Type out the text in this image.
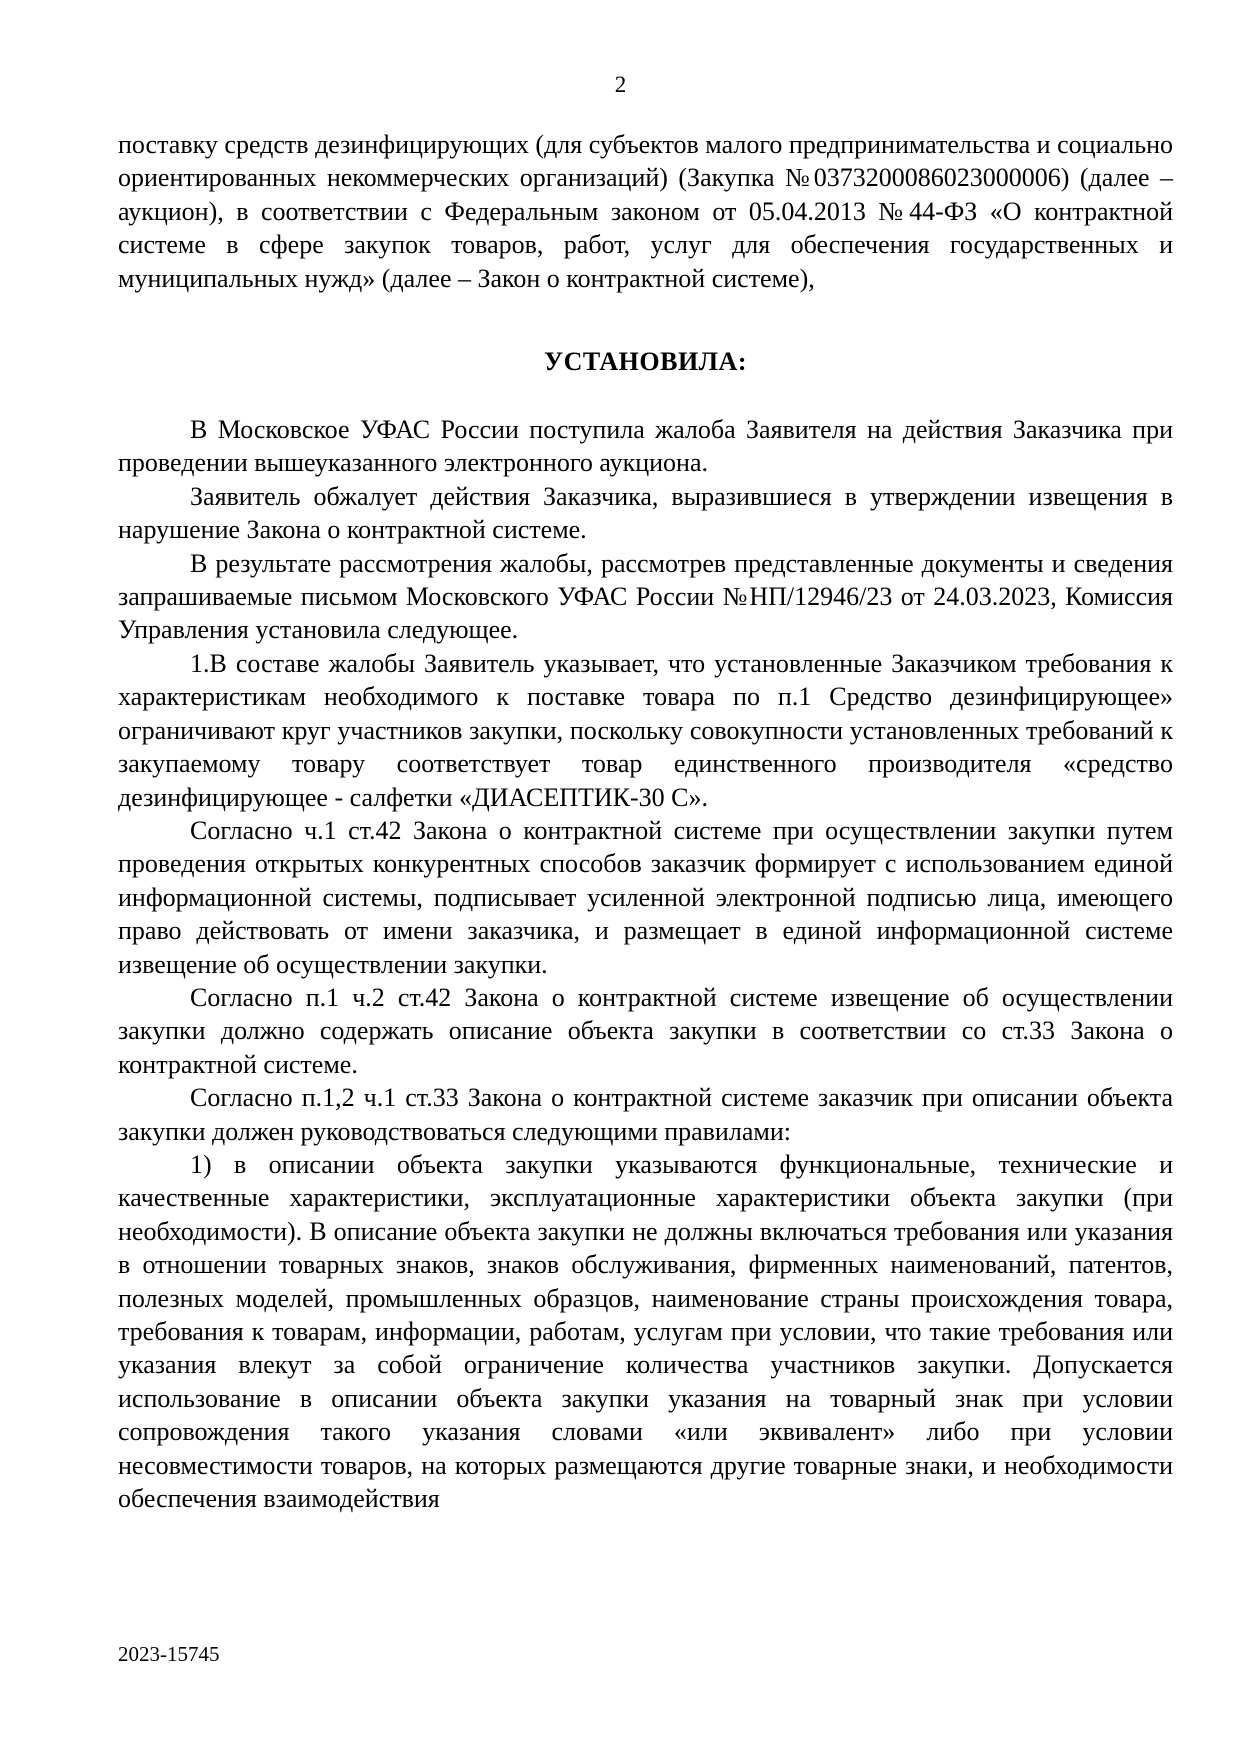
2

поставку средств дезинфицирующих (для субъектов малого предпринимательства и социально ориентированных некоммерческих организаций) (Закупка №0373200086023000006) (далее – аукцион), в соответствии с Федеральным законом от 05.04.2013 №44-ФЗ «О контрактной системе в сфере закупок товаров, работ, услуг для обеспечения государственных и муниципальных нужд» (далее – Закон о контрактной системе),

УСТАНОВИЛА:

В Московское УФАС России поступила жалоба Заявителя на действия Заказчика при проведении вышеуказанного электронного аукциона.

Заявитель обжалует действия Заказчика, выразившиеся в утверждении извещения в нарушение Закона о контрактной системе.

В результате рассмотрения жалобы, рассмотрев представленные документы и сведения запрашиваемые письмом Московского УФАС России №НП/12946/23 от 24.03.2023, Комиссия Управления установила следующее.

1.В составе жалобы Заявитель указывает, что установленные Заказчиком требования к характеристикам необходимого к поставке товара по п.1 Средство дезинфицирующее» ограничивают круг участников закупки, поскольку совокупности установленных требований к закупаемому товару соответствует товар единственного производителя «средство дезинфицирующее - салфетки «ДИАСЕПТИК-30 С».

Согласно ч.1 ст.42 Закона о контрактной системе при осуществлении закупки путем проведения открытых конкурентных способов заказчик формирует с использованием единой информационной системы, подписывает усиленной электронной подписью лица, имеющего право действовать от имени заказчика, и размещает в единой информационной системе извещение об осуществлении закупки.

Согласно п.1 ч.2 ст.42 Закона о контрактной системе извещение об осуществлении закупки должно содержать описание объекта закупки в соответствии со ст.33 Закона о контрактной системе.

Согласно п.1,2 ч.1 ст.33 Закона о контрактной системе заказчик при описании объекта закупки должен руководствоваться следующими правилами:

1) в описании объекта закупки указываются функциональные, технические и качественные характеристики, эксплуатационные характеристики объекта закупки (при необходимости). В описание объекта закупки не должны включаться требования или указания в отношении товарных знаков, знаков обслуживания, фирменных наименований, патентов, полезных моделей, промышленных образцов, наименование страны происхождения товара, требования к товарам, информации, работам, услугам при условии, что такие требования или указания влекут за собой ограничение количества участников закупки. Допускается использование в описании объекта закупки указания на товарный знак при условии сопровождения такого указания словами «или эквивалент» либо при условии несовместимости товаров, на которых размещаются другие товарные знаки, и необходимости обеспечения взаимодействия

2023-15745
